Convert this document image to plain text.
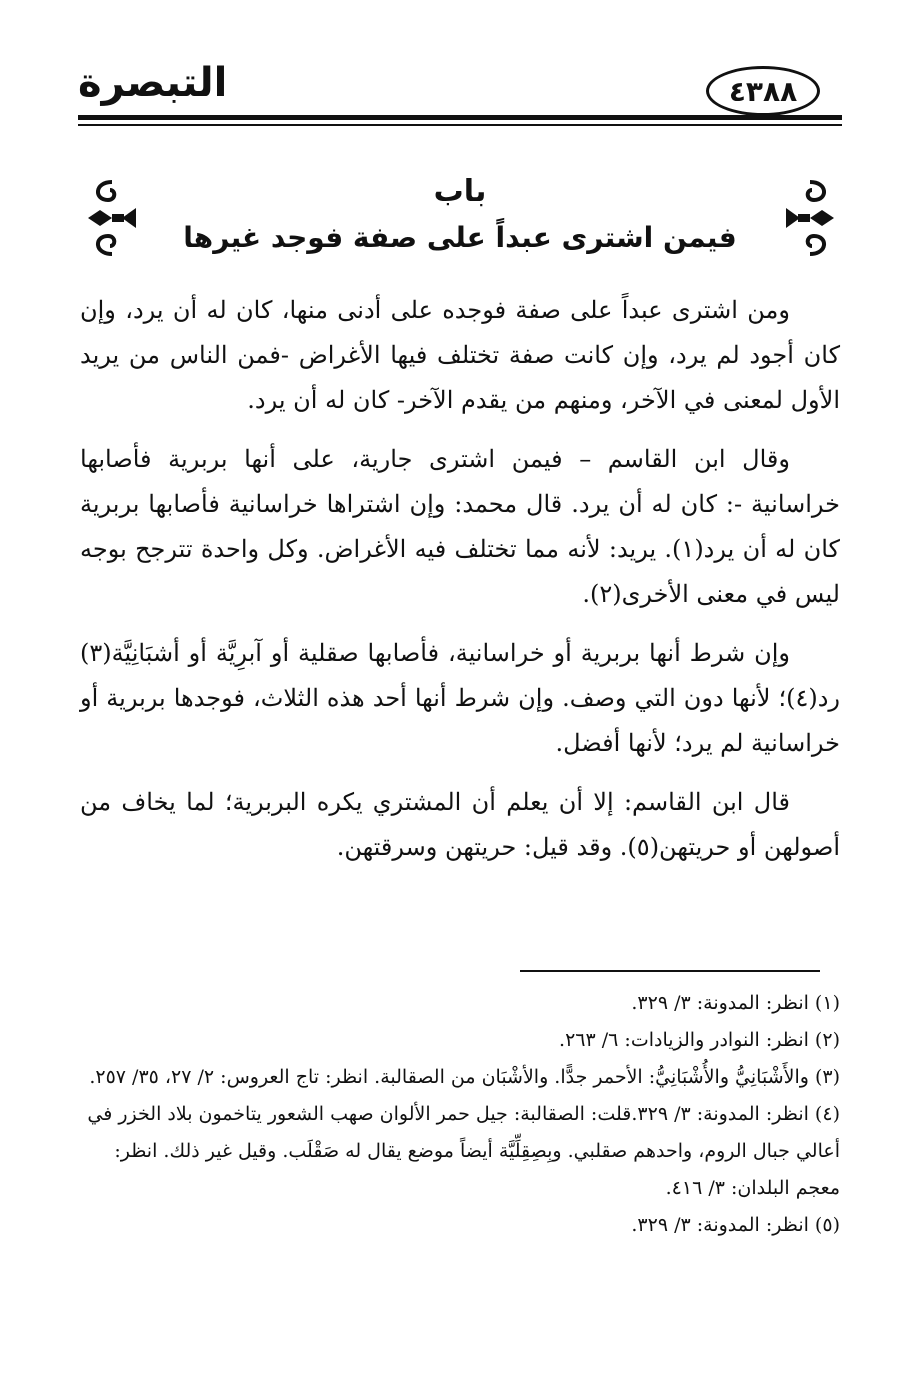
التبصرة	٤٣٨٨
باب
فيمن اشترى عبداً على صفة فوجد غيرها

ومن اشترى عبداً على صفة فوجده على أدنى منها، كان له أن يرد، وإن كان أجود لم يرد، وإن كانت صفة تختلف فيها الأغراض -فمن الناس من يريد الأول لمعنى في الآخر، ومنهم من يقدم الآخر- كان له أن يرد.

وقال ابن القاسم – فيمن اشترى جارية، على أنها بربرية فأصابها خراسانية -: كان له أن يرد. قال محمد: وإن اشتراها خراسانية فأصابها بربرية كان له أن يرد(١). يريد: لأنه مما تختلف فيه الأغراض. وكل واحدة تترجح بوجه ليس في معنى الأخرى(٢).

وإن شرط أنها بربرية أو خراسانية، فأصابها صقلية أو آبرِيَّة أو أشبَانِيَّة(٣) رد(٤)؛ لأنها دون التي وصف. وإن شرط أنها أحد هذه الثلاث، فوجدها بربرية أو خراسانية لم يرد؛ لأنها أفضل.

قال ابن القاسم: إلا أن يعلم أن المشتري يكره البربرية؛ لما يخاف من أصولهن أو حريتهن(٥). وقد قيل: حريتهن وسرقتهن.

(١) انظر: المدونة: ٣/ ٣٢٩.

(٢) انظر: النوادر والزيادات: ٦/ ٢٦٣.

(٣) والأَشْبَانِيُّ والأُشْبَانِيُّ: الأحمر جدًّا. والأشْبَان من الصقالبة. انظر: تاج العروس: ٢/ ٢٧، ٣٥/ ٢٥٧.

(٤) انظر: المدونة: ٣/ ٣٢٩.قلت: الصقالبة: جيل حمر الألوان صهب الشعور يتاخمون بلاد الخزر في أعالي جبال الروم، واحدهم صقلبي. وبِصِقِلِّيَّة أيضاً موضع يقال له صَقْلَب. وقيل غير ذلك. انظر: معجم البلدان: ٣/ ٤١٦.

(٥) انظر: المدونة: ٣/ ٣٢٩.
